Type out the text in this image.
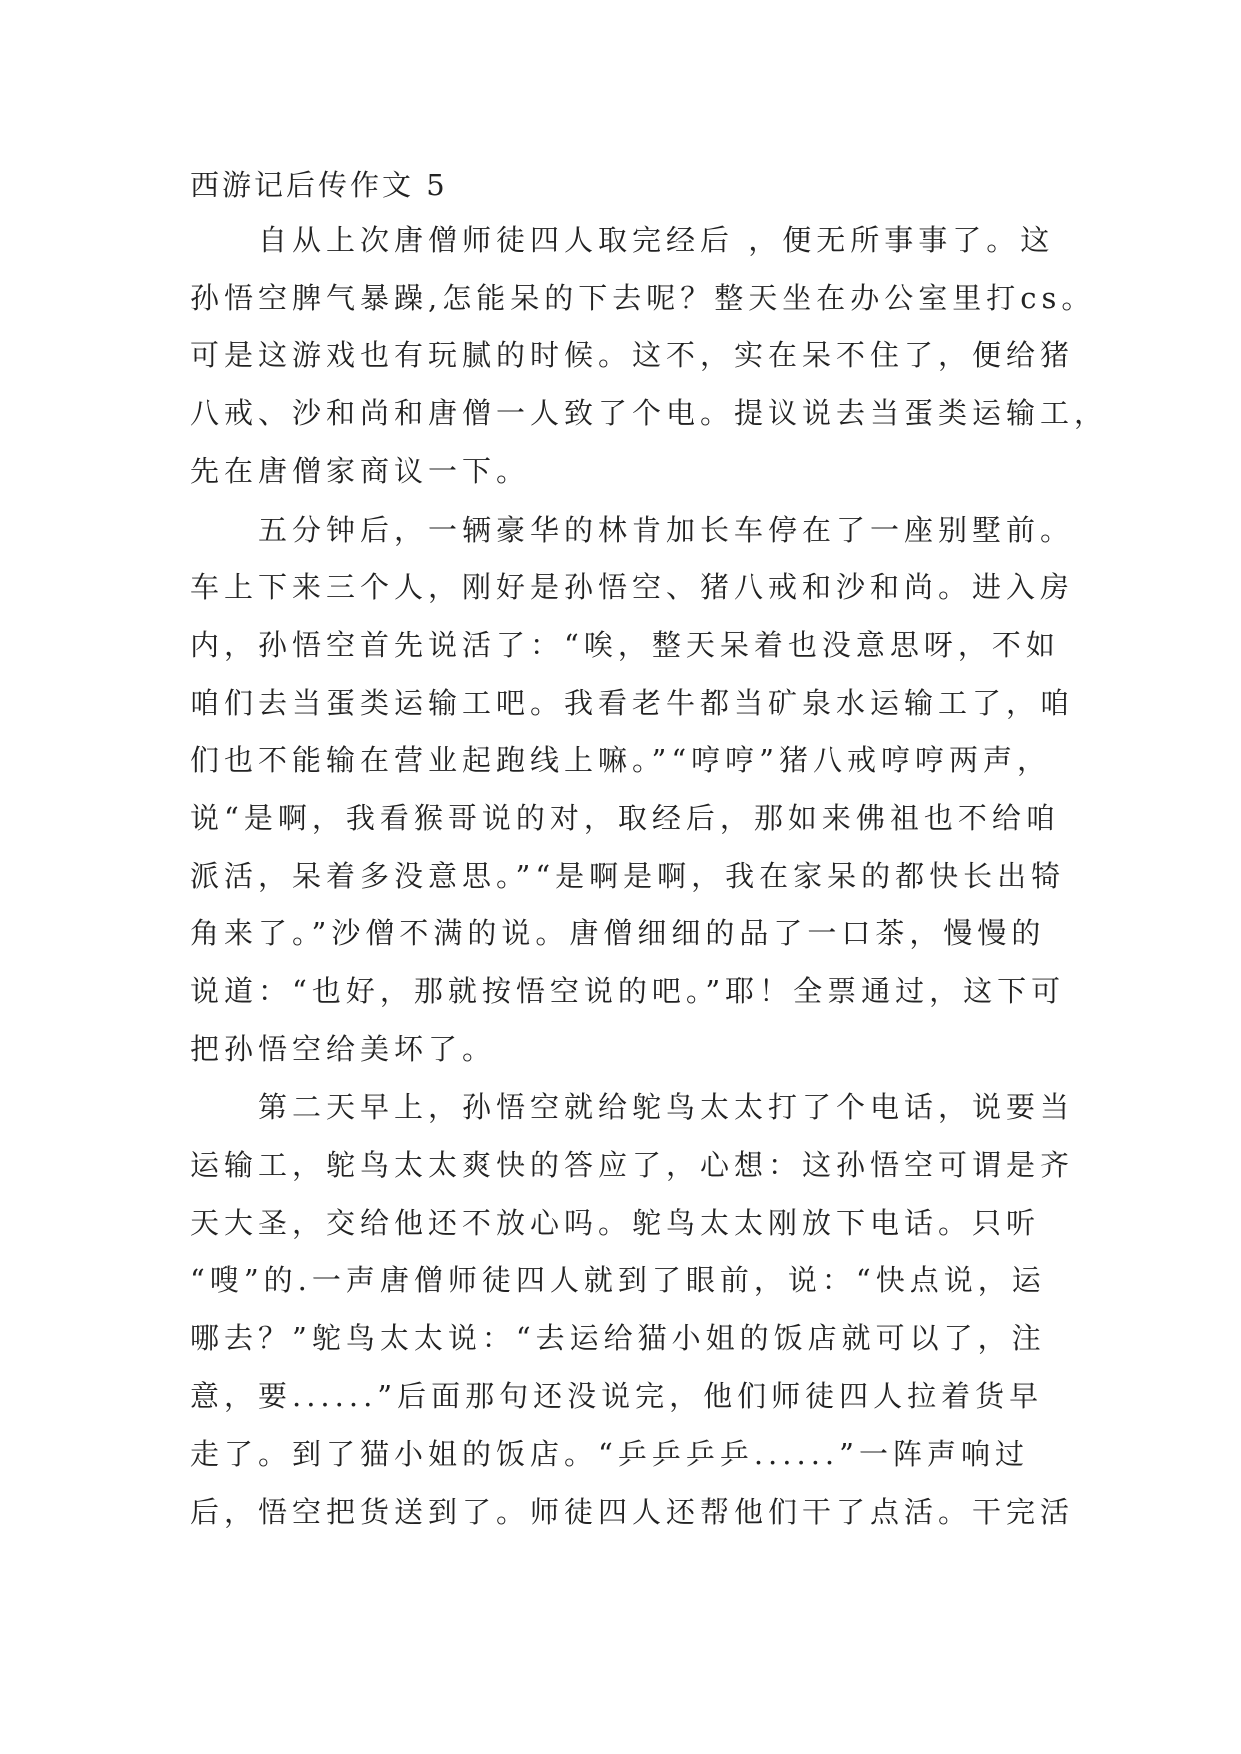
西游记后传作文 5
自从上次唐僧师徒四人取完经后 ，便无所事事了。这
孙悟空脾气暴躁,怎能呆的下去呢？整天坐在办公室里打cs。
可是这游戏也有玩腻的时候。这不，实在呆不住了，便给猪
八戒、沙和尚和唐僧一人致了个电。提议说去当蛋类运输工，
先在唐僧家商议一下。
五分钟后，一辆豪华的林肯加长车停在了一座别墅前。
车上下来三个人，刚好是孙悟空、猪八戒和沙和尚。进入房
内，孙悟空首先说活了：“唉，整天呆着也没意思呀，不如
咱们去当蛋类运输工吧。我看老牛都当矿泉水运输工了，咱
们也不能输在营业起跑线上嘛。”“哼哼”猪八戒哼哼两声，
说“是啊，我看猴哥说的对，取经后，那如来佛祖也不给咱
派活，呆着多没意思。”“是啊是啊，我在家呆的都快长出犄
角来了。”沙僧不满的说。唐僧细细的品了一口茶，慢慢的
说道：“也好，那就按悟空说的吧。”耶！全票通过，这下可
把孙悟空给美坏了。
第二天早上，孙悟空就给鸵鸟太太打了个电话，说要当
运输工，鸵鸟太太爽快的答应了，心想：这孙悟空可谓是齐
天大圣，交给他还不放心吗。鸵鸟太太刚放下电话。只听
“嗖”的.一声唐僧师徒四人就到了眼前，说：“快点说，运
哪去？”鸵鸟太太说：“去运给猫小姐的饭店就可以了，注
意，要......”后面那句还没说完，他们师徒四人拉着货早
走了。到了猫小姐的饭店。“乒乒乒乒......”一阵声响过
后，悟空把货送到了。师徒四人还帮他们干了点活。干完活
